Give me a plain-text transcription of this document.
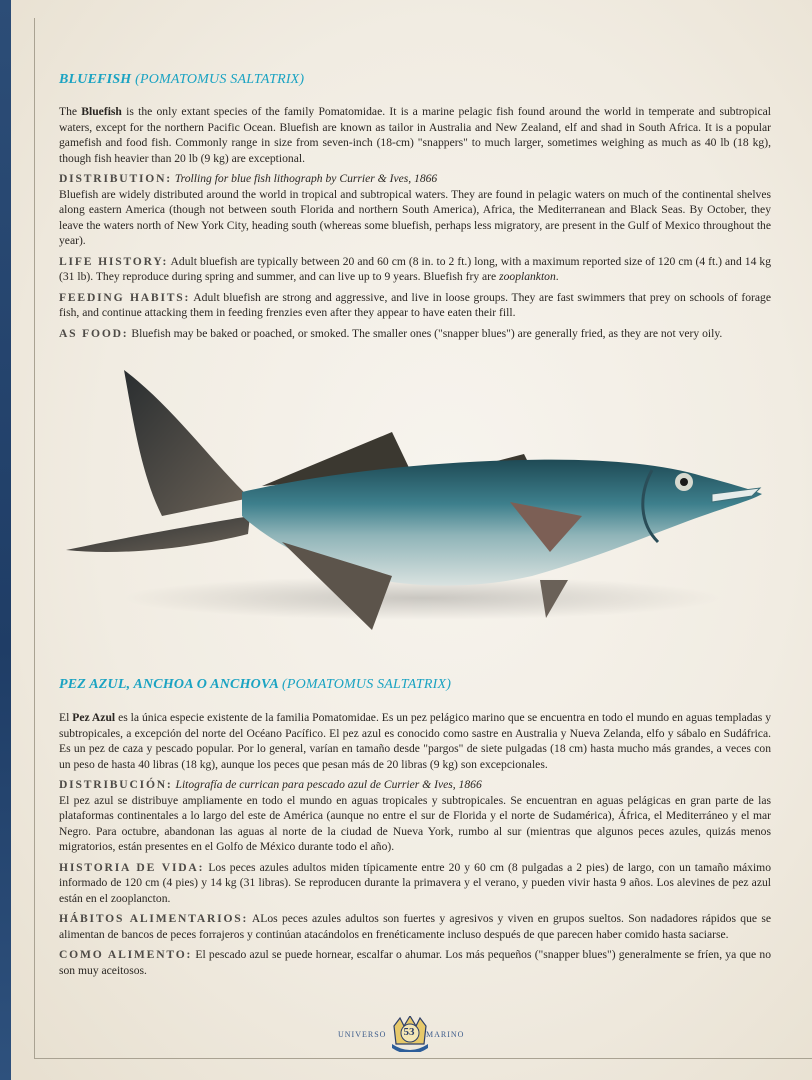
BLUEFISH (POMATOMUS SALTATRIX)

The Bluefish is the only extant species of the family Pomatomidae. It is a marine pelagic fish found around the world in temperate and subtropical waters, except for the northern Pacific Ocean. Bluefish are known as tailor in Australia and New Zealand, elf and shad in South Africa. It is a popular gamefish and food fish. Commonly range in size from seven-inch (18-cm) "snappers" to much larger, sometimes weighing as much as 40 lb (18 kg), though fish heavier than 20 lb (9 kg) are exceptional.

DISTRIBUTION: Trolling for blue fish lithograph by Currier & Ives, 1866
Bluefish are widely distributed around the world in tropical and subtropical waters. They are found in pelagic waters on much of the continental shelves along eastern America (though not between south Florida and northern South America), Africa, the Mediterranean and Black Seas. By October, they leave the waters north of New York City, heading south (whereas some bluefish, perhaps less migratory, are present in the Gulf of Mexico throughout the year).

LIFE HISTORY: Adult bluefish are typically between 20 and 60 cm (8 in. to 2 ft.) long, with a maximum reported size of 120 cm (4 ft.) and 14 kg (31 lb). They reproduce during spring and summer, and can live up to 9 years. Bluefish fry are zooplankton.

FEEDING HABITS: Adult bluefish are strong and aggressive, and live in loose groups. They are fast swimmers that prey on schools of forage fish, and continue attacking them in feeding frenzies even after they appear to have eaten their fill.

AS FOOD: Bluefish may be baked or poached, or smoked. The smaller ones ("snapper blues") are generally fried, as they are not very oily.

PEZ AZUL, ANCHOA O ANCHOVA (POMATOMUS SALTATRIX)

El Pez Azul es la única especie existente de la familia Pomatomidae. Es un pez pelágico marino que se encuentra en todo el mundo en aguas templadas y subtropicales, a excepción del norte del Océano Pacífico. El pez azul es conocido como sastre en Australia y Nueva Zelanda, elfo y sábalo en Sudáfrica. Es un pez de caza y pescado popular. Por lo general, varían en tamaño desde "pargos" de siete pulgadas (18 cm) hasta mucho más grandes, a veces con un peso de hasta 40 libras (18 kg), aunque los peces que pesan más de 20 libras (9 kg) son excepcionales.

DISTRIBUCIÓN: Litografía de currican para pescado azul de Currier & Ives, 1866
El pez azul se distribuye ampliamente en todo el mundo en aguas tropicales y subtropicales. Se encuentran en aguas pelágicas en gran parte de las plataformas continentales a lo largo del este de América (aunque no entre el sur de Florida y el norte de Sudamérica), África, el Mediterráneo y el mar Negro. Para octubre, abandonan las aguas al norte de la ciudad de Nueva York, rumbo al sur (mientras que algunos peces azules, quizás menos migratorios, están presentes en el Golfo de México durante todo el año).

HISTORIA DE VIDA: Los peces azules adultos miden típicamente entre 20 y 60 cm (8 pulgadas a 2 pies) de largo, con un tamaño máximo informado de 120 cm (4 pies) y 14 kg (31 libras). Se reproducen durante la primavera y el verano, y pueden vivir hasta 9 años. Los alevines de pez azul están en el zooplancton.

HÁBITOS ALIMENTARIOS: ALos peces azules adultos son fuertes y agresivos y viven en grupos sueltos. Son nadadores rápidos que se alimentan de bancos de peces forrajeros y continúan atacándolos en frenéticamente incluso después de que parecen haber comido hasta saciarse.

COMO ALIMENTO: El pescado azul se puede hornear, escalfar o ahumar. Los más pequeños ("snapper blues") generalmente se fríen, ya que no son muy aceitosos.

UNIVERSO	53	MARINO
